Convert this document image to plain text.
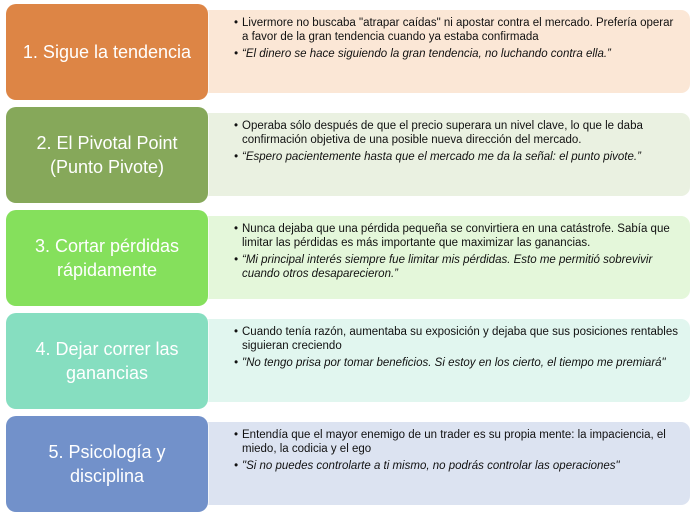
• Livermore no buscaba "atrapar caídas" ni apostar contra el mercado. Prefería operar a favor de la gran tendencia cuando ya estaba confirmada

• “El dinero se hace siguiendo la gran tendencia, no luchando contra ella.”

1. Sigue la tendencia

• Operaba sólo después de que el precio superara un nivel clave, lo que le daba confirmación objetiva de una posible nueva dirección del mercado.

• “Espero pacientemente hasta que el mercado me da la señal: el punto pivote.”

2. El Pivotal Point (Punto Pivote)

• Nunca dejaba que una pérdida pequeña se convirtiera en una catástrofe. Sabía que limitar las pérdidas es más importante que maximizar las ganancias.

• “Mi principal interés siempre fue limitar mis pérdidas. Esto me permitió sobrevivir cuando otros desaparecieron.”

3. Cortar pérdidas rápidamente

• Cuando tenía razón, aumentaba su exposición y dejaba que sus posiciones rentables siguieran creciendo

• "No tengo prisa por tomar beneficios. Si estoy en los cierto, el tiempo me premiará"

4. Dejar correr las ganancias

• Entendía que el mayor enemigo de un trader es su propia mente: la impaciencia, el miedo, la codicia y el ego

• "Si no puedes controlarte a ti mismo, no podrás controlar las operaciones"

5. Psicología y disciplina
